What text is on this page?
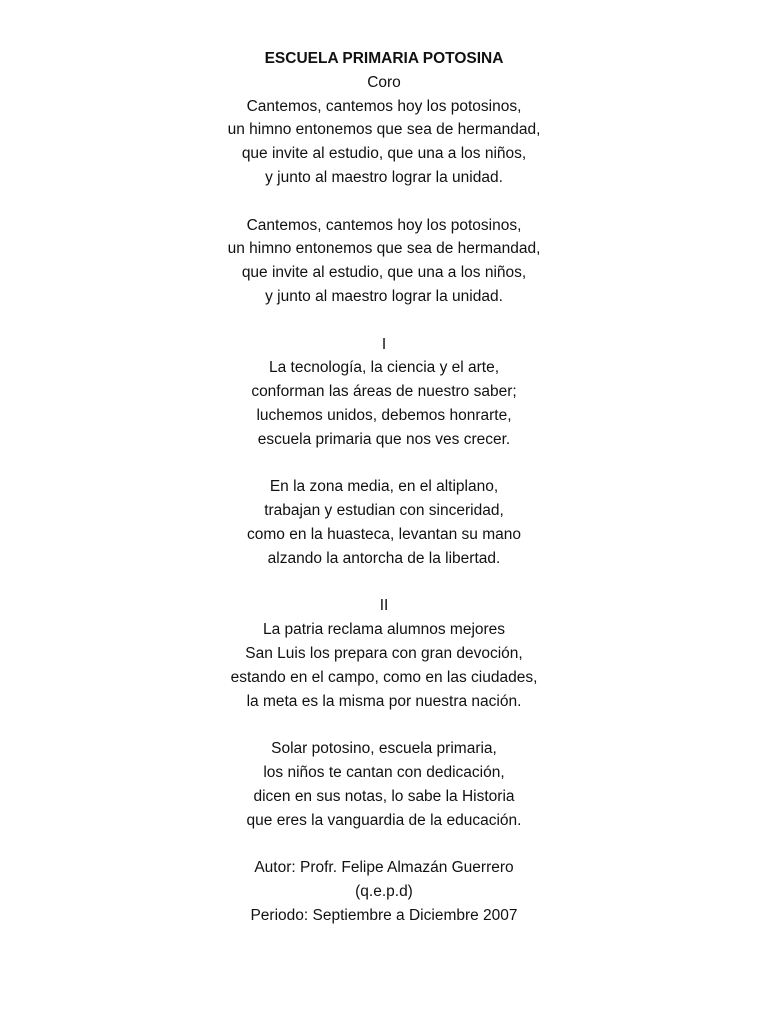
ESCUELA PRIMARIA POTOSINA
Coro
Cantemos, cantemos hoy los potosinos,
un himno entonemos que sea de hermandad,
que invite al estudio, que una a los niños,
y junto al maestro lograr la unidad.
Cantemos, cantemos hoy los potosinos,
un himno entonemos que sea de hermandad,
que invite al estudio, que una a los niños,
y junto al maestro lograr la unidad.
I
La tecnología, la ciencia y el arte,
conforman las áreas de nuestro saber;
luchemos unidos, debemos honrarte,
escuela primaria que nos ves crecer.
En la zona media, en el altiplano,
trabajan y estudian con sinceridad,
como en la huasteca, levantan su mano
alzando la antorcha de la libertad.
II
La patria reclama alumnos mejores
San Luis los prepara con gran devoción,
estando en el campo, como en las ciudades,
la meta es la misma por nuestra nación.
Solar potosino, escuela primaria,
los niños te cantan con dedicación,
dicen en sus notas, lo sabe la Historia
que eres la vanguardia de la educación.
Autor: Profr. Felipe Almazán Guerrero
(q.e.p.d)
Periodo: Septiembre a Diciembre 2007
